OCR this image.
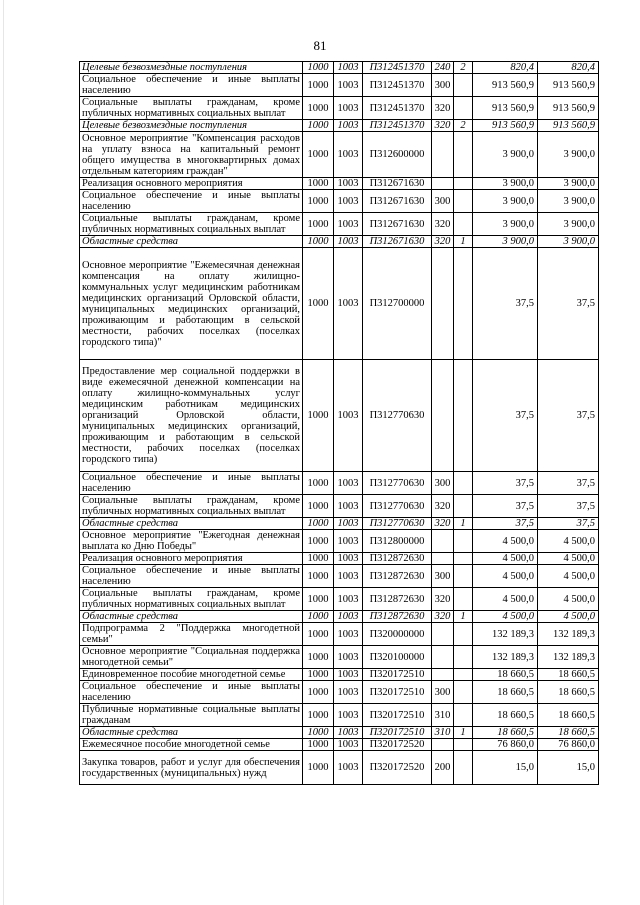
81
Целевые безвозмездные поступления	1000	1003	П312451370	240	2	820,4	820,4
Социальное обеспечение и иные выплаты населению	1000	1003	П312451370	300		913 560,9	913 560,9
Социальные выплаты гражданам, кроме публичных нормативных социальных выплат	1000	1003	П312451370	320		913 560,9	913 560,9
Целевые безвозмездные поступления	1000	1003	П312451370	320	2	913 560,9	913 560,9
Основное мероприятие "Компенсация расходов на уплату взноса на капитальный ремонт общего имущества в многоквартирных домах отдельным категориям граждан"	1000	1003	П312600000			3 900,0	3 900,0
Реализация основного мероприятия	1000	1003	П312671630			3 900,0	3 900,0
Социальное обеспечение и иные выплаты населению	1000	1003	П312671630	300		3 900,0	3 900,0
Социальные выплаты гражданам, кроме публичных нормативных социальных выплат	1000	1003	П312671630	320		3 900,0	3 900,0
Областные средства	1000	1003	П312671630	320	1	3 900,0	3 900,0
Основное мероприятие "Ежемесячная денежная компенсация на оплату жилищно-коммунальных услуг медицинским работникам медицинских организаций Орловской области, муниципальных медицинских организаций, проживающим и работающим в сельской местности, рабочих поселках (поселках городского типа)"	1000	1003	П312700000			37,5	37,5
Предоставление мер социальной поддержки в виде ежемесячной денежной компенсации на оплату жилищно-коммунальных услуг медицинским работникам медицинских организаций Орловской области, муниципальных медицинских организаций, проживающим и работающим в сельской местности, рабочих поселках (поселках городского типа)	1000	1003	П312770630			37,5	37,5
Социальное обеспечение и иные выплаты населению	1000	1003	П312770630	300		37,5	37,5
Социальные выплаты гражданам, кроме публичных нормативных социальных выплат	1000	1003	П312770630	320		37,5	37,5
Областные средства	1000	1003	П312770630	320	1	37,5	37,5
Основное мероприятие "Ежегодная денежная выплата ко Дню Победы"	1000	1003	П312800000			4 500,0	4 500,0
Реализация основного мероприятия	1000	1003	П312872630			4 500,0	4 500,0
Социальное обеспечение и иные выплаты населению	1000	1003	П312872630	300		4 500,0	4 500,0
Социальные выплаты гражданам, кроме публичных нормативных социальных выплат	1000	1003	П312872630	320		4 500,0	4 500,0
Областные средства	1000	1003	П312872630	320	1	4 500,0	4 500,0
Подпрограмма 2 "Поддержка многодетной семьи"	1000	1003	П320000000			132 189,3	132 189,3
Основное мероприятие "Социальная поддержка многодетной семьи"	1000	1003	П320100000			132 189,3	132 189,3
Единовременное пособие многодетной семье	1000	1003	П320172510			18 660,5	18 660,5
Социальное обеспечение и иные выплаты населению	1000	1003	П320172510	300		18 660,5	18 660,5
Публичные нормативные социальные выплаты гражданам	1000	1003	П320172510	310		18 660,5	18 660,5
Областные средства	1000	1003	П320172510	310	1	18 660,5	18 660,5
Ежемесячное пособие многодетной семье	1000	1003	П320172520			76 860,0	76 860,0
Закупка товаров, работ и услуг для обеспечения государственных (муниципальных) нужд	1000	1003	П320172520	200		15,0	15,0
